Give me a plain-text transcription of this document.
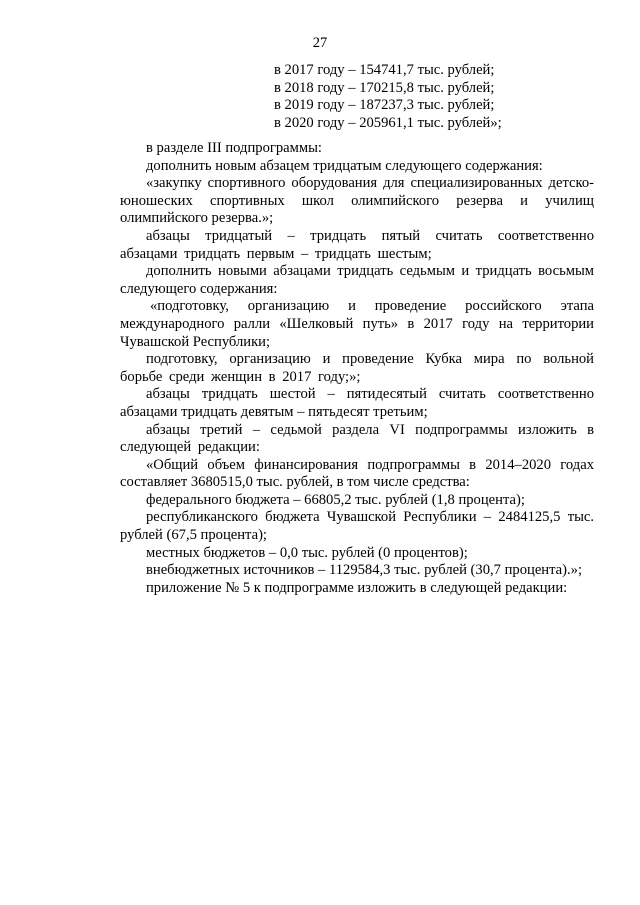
27
в 2017 году – 154741,7 тыс. рублей;
в 2018 году – 170215,8 тыс. рублей;
в 2019 году – 187237,3 тыс. рублей;
в 2020 году – 205961,1 тыс. рублей»;

в разделе III подпрограммы:

дополнить новым абзацем тридцатым следующего содержания:

«закупку спортивного оборудования для специализированных детско-юношеских спортивных школ олимпийского резерва и училищ олимпийского резерва.»;

абзацы тридцатый – тридцать пятый считать соответственно абзацами тридцать первым – тридцать шестым;

дополнить новыми абзацами тридцать седьмым и тридцать восьмым следующего содержания:

«подготовку, организацию и проведение российского этапа международного ралли «Шелковый путь» в 2017 году на территории Чувашской Республики;

подготовку, организацию и проведение Кубка мира по вольной борьбе среди женщин в 2017 году;»;

абзацы тридцать шестой – пятидесятый считать соответственно абзацами тридцать девятым – пятьдесят третьим;

абзацы третий – седьмой раздела VI подпрограммы изложить в следующей редакции:

«Общий объем финансирования подпрограммы в 2014–2020 годах составляет 3680515,0 тыс. рублей, в том числе средства:

федерального бюджета – 66805,2 тыс. рублей (1,8 процента);

республиканского бюджета Чувашской Республики – 2484125,5 тыс. рублей (67,5 процента);

местных бюджетов – 0,0 тыс. рублей (0 процентов);

внебюджетных источников – 1129584,3 тыс. рублей (30,7 процента).»;

приложение № 5 к подпрограмме изложить в следующей редакции:
